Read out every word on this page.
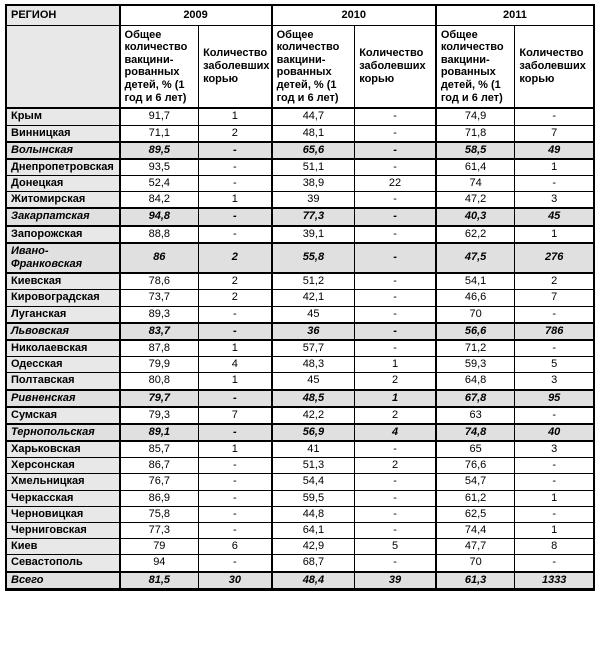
РЕГИОН	2009		2010		2011	
	Общее количество вакцини-рованных детей, % (1 год и 6 лет)	Количество заболевших корью	Общее количество вакцини-рованных детей, % (1 год и 6 лет)	Количество заболевших корью	Общее количество вакцини-рованных детей, % (1 год и 6 лет)	Количество заболевших корью
Крым	91,7	1	44,7	-	74,9	-
Винницкая	71,1	2	48,1	-	71,8	7
Волынская	89,5	-	65,6	-	58,5	49
Днепропетровская	93,5	-	51,1	-	61,4	1
Донецкая	52,4	-	38,9	22	74	-
Житомирская	84,2	1	39	-	47,2	3
Закарпатская	94,8	-	77,3	-	40,3	45
Запорожская	88,8	-	39,1	-	62,2	1
Ивано-Франковская	86	2	55,8	-	47,5	276
Киевская	78,6	2	51,2	-	54,1	2
Кировоградская	73,7	2	42,1	-	46,6	7
Луганская	89,3	-	45	-	70	-
Львовская	83,7	-	36	-	56,6	786
Николаевская	87,8	1	57,7	-	71,2	-
Одесская	79,9	4	48,3	1	59,3	5
Полтавская	80,8	1	45	2	64,8	3
Ривненская	79,7	-	48,5	1	67,8	95
Сумская	79,3	7	42,2	2	63	-
Тернопольская	89,1	-	56,9	4	74,8	40
Харьковская	85,7	1	41	-	65	3
Херсонская	86,7	-	51,3	2	76,6	-
Хмельницкая	76,7	-	54,4	-	54,7	-
Черкасская	86,9	-	59,5	-	61,2	1
Черновицкая	75,8	-	44,8	-	62,5	-
Черниговская	77,3	-	64,1	-	74,4	1
Киев	79	6	42,9	5	47,7	8
Севастополь	94	-	68,7	-	70	-
Всего	81,5	30	48,4	39	61,3	1333
